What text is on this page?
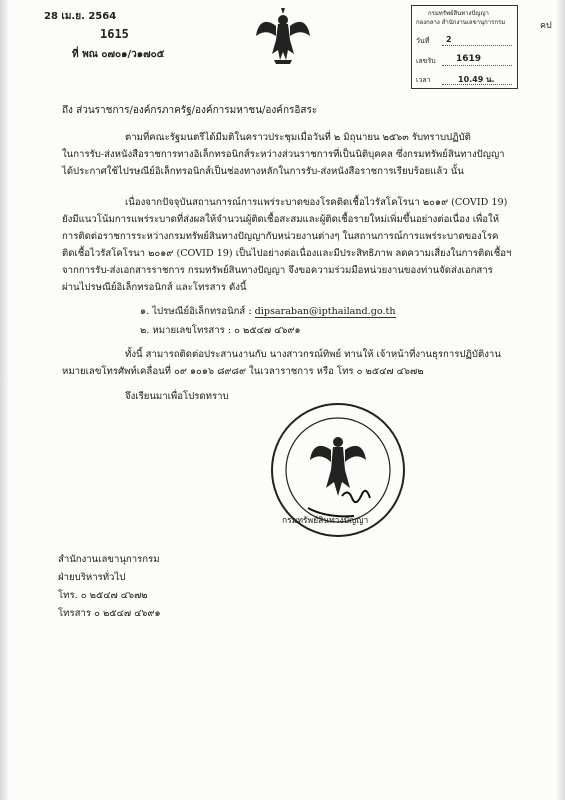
28 เม.ย. 2564
1615
ที่ พณ ๐๗๐๑/ว๑๗๐๕
คป
กรมทรัพย์สินทางปัญญา
กองกลาง สำนักงานเลขานุการกรม
วันที่ 2
เลขรับ 1619
เวลา	10.49 น.
ถึง ส่วนราชการ/องค์กรภาครัฐ/องค์การมหาชน/องค์กรอิสระ
ตามที่คณะรัฐมนตรีได้มีมติในคราวประชุมเมื่อวันที่ ๒ มิถุนายน ๒๕๖๓ รับทราบปฏิบัติ
ในการรับ-ส่งหนังสือราชการทางอิเล็กทรอนิกส์ระหว่างส่วนราชการที่เป็นนิติบุคคล ซึ่งกรมทรัพย์สินทางปัญญา
ได้ประกาศใช้ไปรษณีย์อิเล็กทรอนิกส์เป็นช่องทางหลักในการรับ-ส่งหนังสือราชการเรียบร้อยแล้ว นั้น
เนื่องจากปัจจุบันสถานการณ์การแพร่ระบาดของโรคติดเชื้อไวรัสโคโรนา ๒๐๑๙ (COVID 19)
ยังมีแนวโน้มการแพร่ระบาดที่ส่งผลให้จำนวนผู้ติดเชื้อสะสมและผู้ติดเชื้อรายใหม่เพิ่มขึ้นอย่างต่อเนื่อง เพื่อให้
การติดต่อราชการระหว่างกรมทรัพย์สินทางปัญญากับหน่วยงานต่างๆ ในสถานการณ์การแพร่ระบาดของโรค
ติดเชื้อไวรัสโคโรนา ๒๐๑๙ (COVID 19) เป็นไปอย่างต่อเนื่องและมีประสิทธิภาพ ลดความเสี่ยงในการติดเชื้อฯ
จากการรับ-ส่งเอกสารราชการ กรมทรัพย์สินทางปัญญา จึงขอความร่วมมือหน่วยงานของท่านจัดส่งเอกสาร
ผ่านไปรษณีย์อิเล็กทรอนิกส์ และโทรสาร ดังนี้
๑. ไปรษณีย์อิเล็กทรอนิกส์ : dipsaraban@ipthailand.go.th
๒. หมายเลขโทรสาร : ๐ ๒๕๔๗ ๔๖๙๑
ทั้งนี้ สามารถติดต่อประสานงานกับ นางสาวกรณ์ทิพย์ ทานให้ เจ้าหน้าที่งานธุรการปฏิบัติงาน
หมายเลขโทรศัพท์เคลื่อนที่ ๐๙ ๑๐๑๖ ๘๙๘๙ ในเวลาราชการ หรือ โทร ๐ ๒๕๔๗ ๔๖๗๒
จึงเรียนมาเพื่อโปรดทราบ
กรมทรัพย์สินทางปัญญา
สำนักงานเลขานุการกรม
ฝ่ายบริหารทั่วไป
โทร. ๐ ๒๕๔๗ ๔๖๗๒
โทรสาร ๐ ๒๕๔๗ ๔๖๙๑
